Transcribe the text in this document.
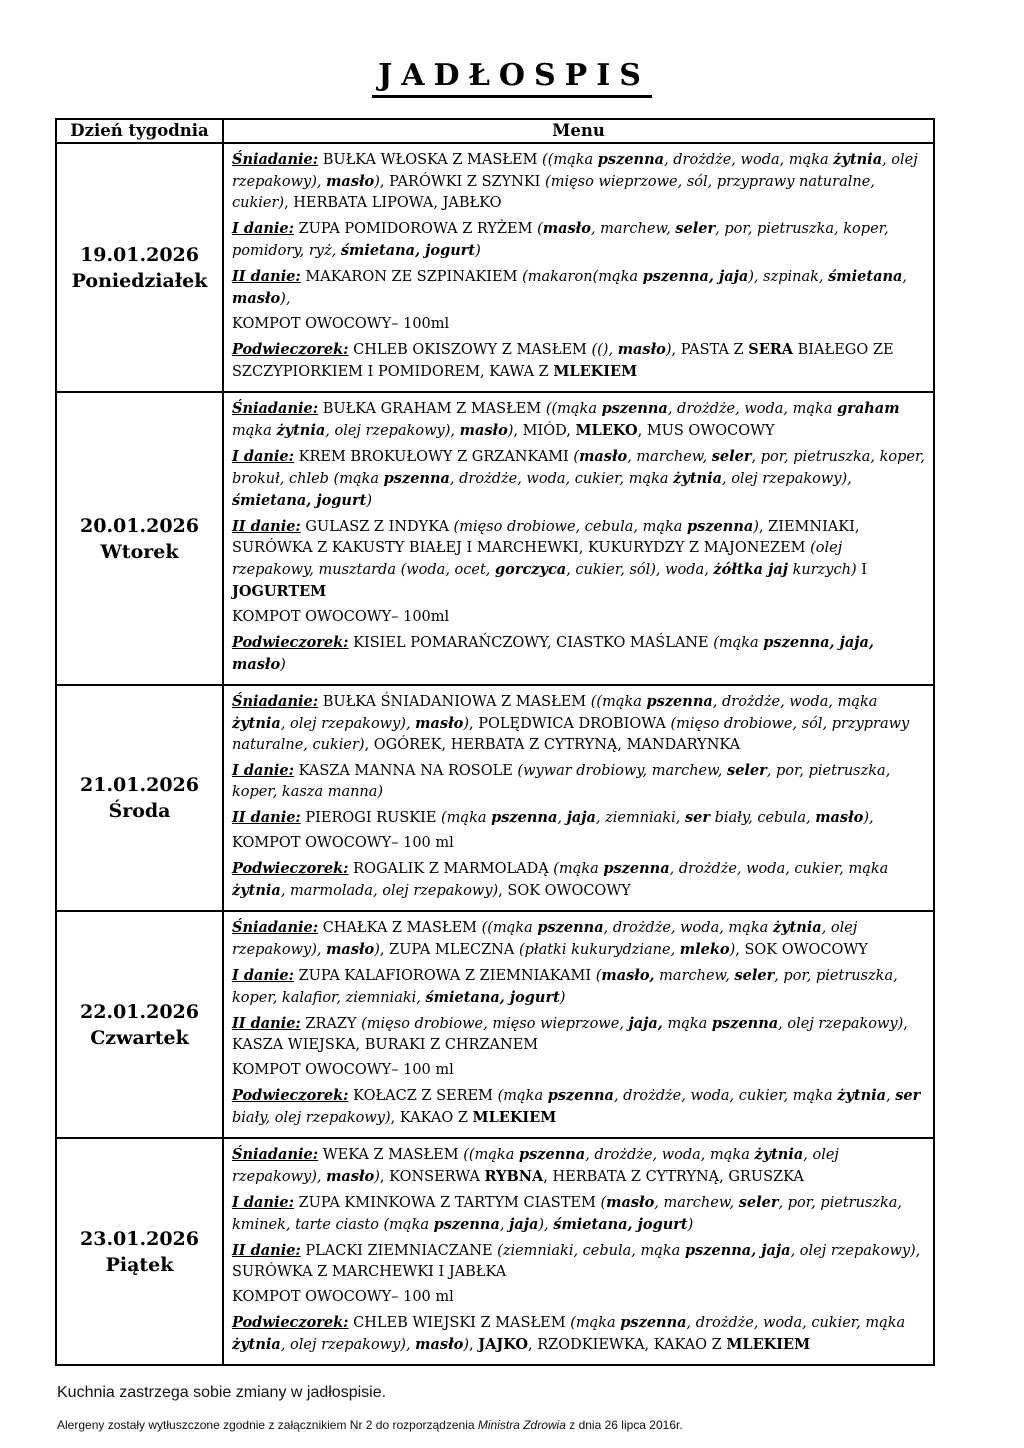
JADŁOSPIS
Dzień tygodnia	Menu

19.01.2026
Poniedziałek

Śniadanie: BUŁKA WŁOSKA Z MASŁEM ((mąka pszenna, drożdże, woda, mąka żytnia, olej rzepakowy), masło), PARÓWKI Z SZYNKI (mięso wieprzowe, sól, przyprawy naturalne, cukier), HERBATA LIPOWA, JABŁKO
I danie: ZUPA POMIDOROWA Z RYŻEM (masło, marchew, seler, por, pietruszka, koper, pomidory, ryż, śmietana, jogurt)
II danie: MAKARON ZE SZPINAKIEM (makaron(mąka pszenna, jaja), szpinak, śmietana, masło),
KOMPOT OWOCOWY– 100ml
Podwieczorek: CHLEB OKISZOWY Z MASŁEM ((), masło), PASTA Z SERA BIAŁEGO ZE SZCZYPIORKIEM I POMIDOREM, KAWA Z MLEKIEM

20.01.2026
Wtorek

Śniadanie: BUŁKA GRAHAM Z MASŁEM ((mąka pszenna, drożdże, woda, mąka graham mąka żytnia, olej rzepakowy), masło), MIÓD, MLEKO, MUS OWOCOWY
I danie: KREM BROKUŁOWY Z GRZANKAMI (masło, marchew, seler, por, pietruszka, koper, brokuł, chleb (mąka pszenna, drożdże, woda, cukier, mąka żytnia, olej rzepakowy), śmietana, jogurt)
II danie: GULASZ Z INDYKA (mięso drobiowe, cebula, mąka pszenna), ZIEMNIAKI, SURÓWKA Z KAKUSTY BIAŁEJ I MARCHEWKI, KUKURYDZY Z MAJONEZEM (olej rzepakowy, musztarda (woda, ocet, gorczyca, cukier, sól), woda, żółtka jaj kurzych) I JOGURTEM
KOMPOT OWOCOWY– 100ml
Podwieczorek: KISIEL POMARAŃCZOWY, CIASTKO MAŚLANE (mąka pszenna, jaja, masło)

21.01.2026
Środa

Śniadanie: BUŁKA ŚNIADANIOWA Z MASŁEM ((mąka pszenna, drożdże, woda, mąka żytnia, olej rzepakowy), masło), POLĘDWICA DROBIOWA (mięso drobiowe, sól, przyprawy naturalne, cukier), OGÓREK, HERBATA Z CYTRYNĄ, MANDARYNKA
I danie: KASZA MANNA NA ROSOLE (wywar drobiowy, marchew, seler, por, pietruszka, koper, kasza manna)
II danie: PIEROGI RUSKIE (mąka pszenna, jaja, ziemniaki, ser biały, cebula, masło),
KOMPOT OWOCOWY– 100 ml
Podwieczorek: ROGALIK Z MARMOLADĄ (mąka pszenna, drożdże, woda, cukier, mąka żytnia, marmolada, olej rzepakowy), SOK OWOCOWY

22.01.2026
Czwartek

Śniadanie: CHAŁKA Z MASŁEM ((mąka pszenna, drożdże, woda, mąka żytnia, olej rzepakowy), masło), ZUPA MLECZNA (płatki kukurydziane, mleko), SOK OWOCOWY
I danie: ZUPA KALAFIOROWA Z ZIEMNIAKAMI (masło, marchew, seler, por, pietruszka, koper, kalafior, ziemniaki, śmietana, jogurt)
II danie: ZRAZY (mięso drobiowe, mięso wieprzowe, jaja, mąka pszenna, olej rzepakowy), KASZA WIEJSKA, BURAKI Z CHRZANEM
KOMPOT OWOCOWY– 100 ml
Podwieczorek: KOŁACZ Z SEREM (mąka pszenna, drożdże, woda, cukier, mąka żytnia, ser biały, olej rzepakowy), KAKAO Z MLEKIEM

23.01.2026
Piątek

Śniadanie: WEKA Z MASŁEM ((mąka pszenna, drożdże, woda, mąka żytnia, olej rzepakowy), masło), KONSERWA RYBNA, HERBATA Z CYTRYNĄ, GRUSZKA
I danie: ZUPA KMINKOWA Z TARTYM CIASTEM (masło, marchew, seler, por, pietruszka, kminek, tarte ciasto (mąka pszenna, jaja), śmietana, jogurt)
II danie: PLACKI ZIEMNIACZANE (ziemniaki, cebula, mąka pszenna, jaja, olej rzepakowy), SURÓWKA Z MARCHEWKI I JABŁKA
KOMPOT OWOCOWY– 100 ml
Podwieczorek: CHLEB WIEJSKI Z MASŁEM (mąka pszenna, drożdże, woda, cukier, mąka żytnia, olej rzepakowy), masło), JAJKO, RZODKIEWKA, KAKAO Z MLEKIEM
Kuchnia zastrzega sobie zmiany w jadłospisie.
Alergeny zostały wytłuszczone zgodnie z załącznikiem Nr 2 do rozporządzenia Ministra Zdrowia z dnia 26 lipca 2016r.
